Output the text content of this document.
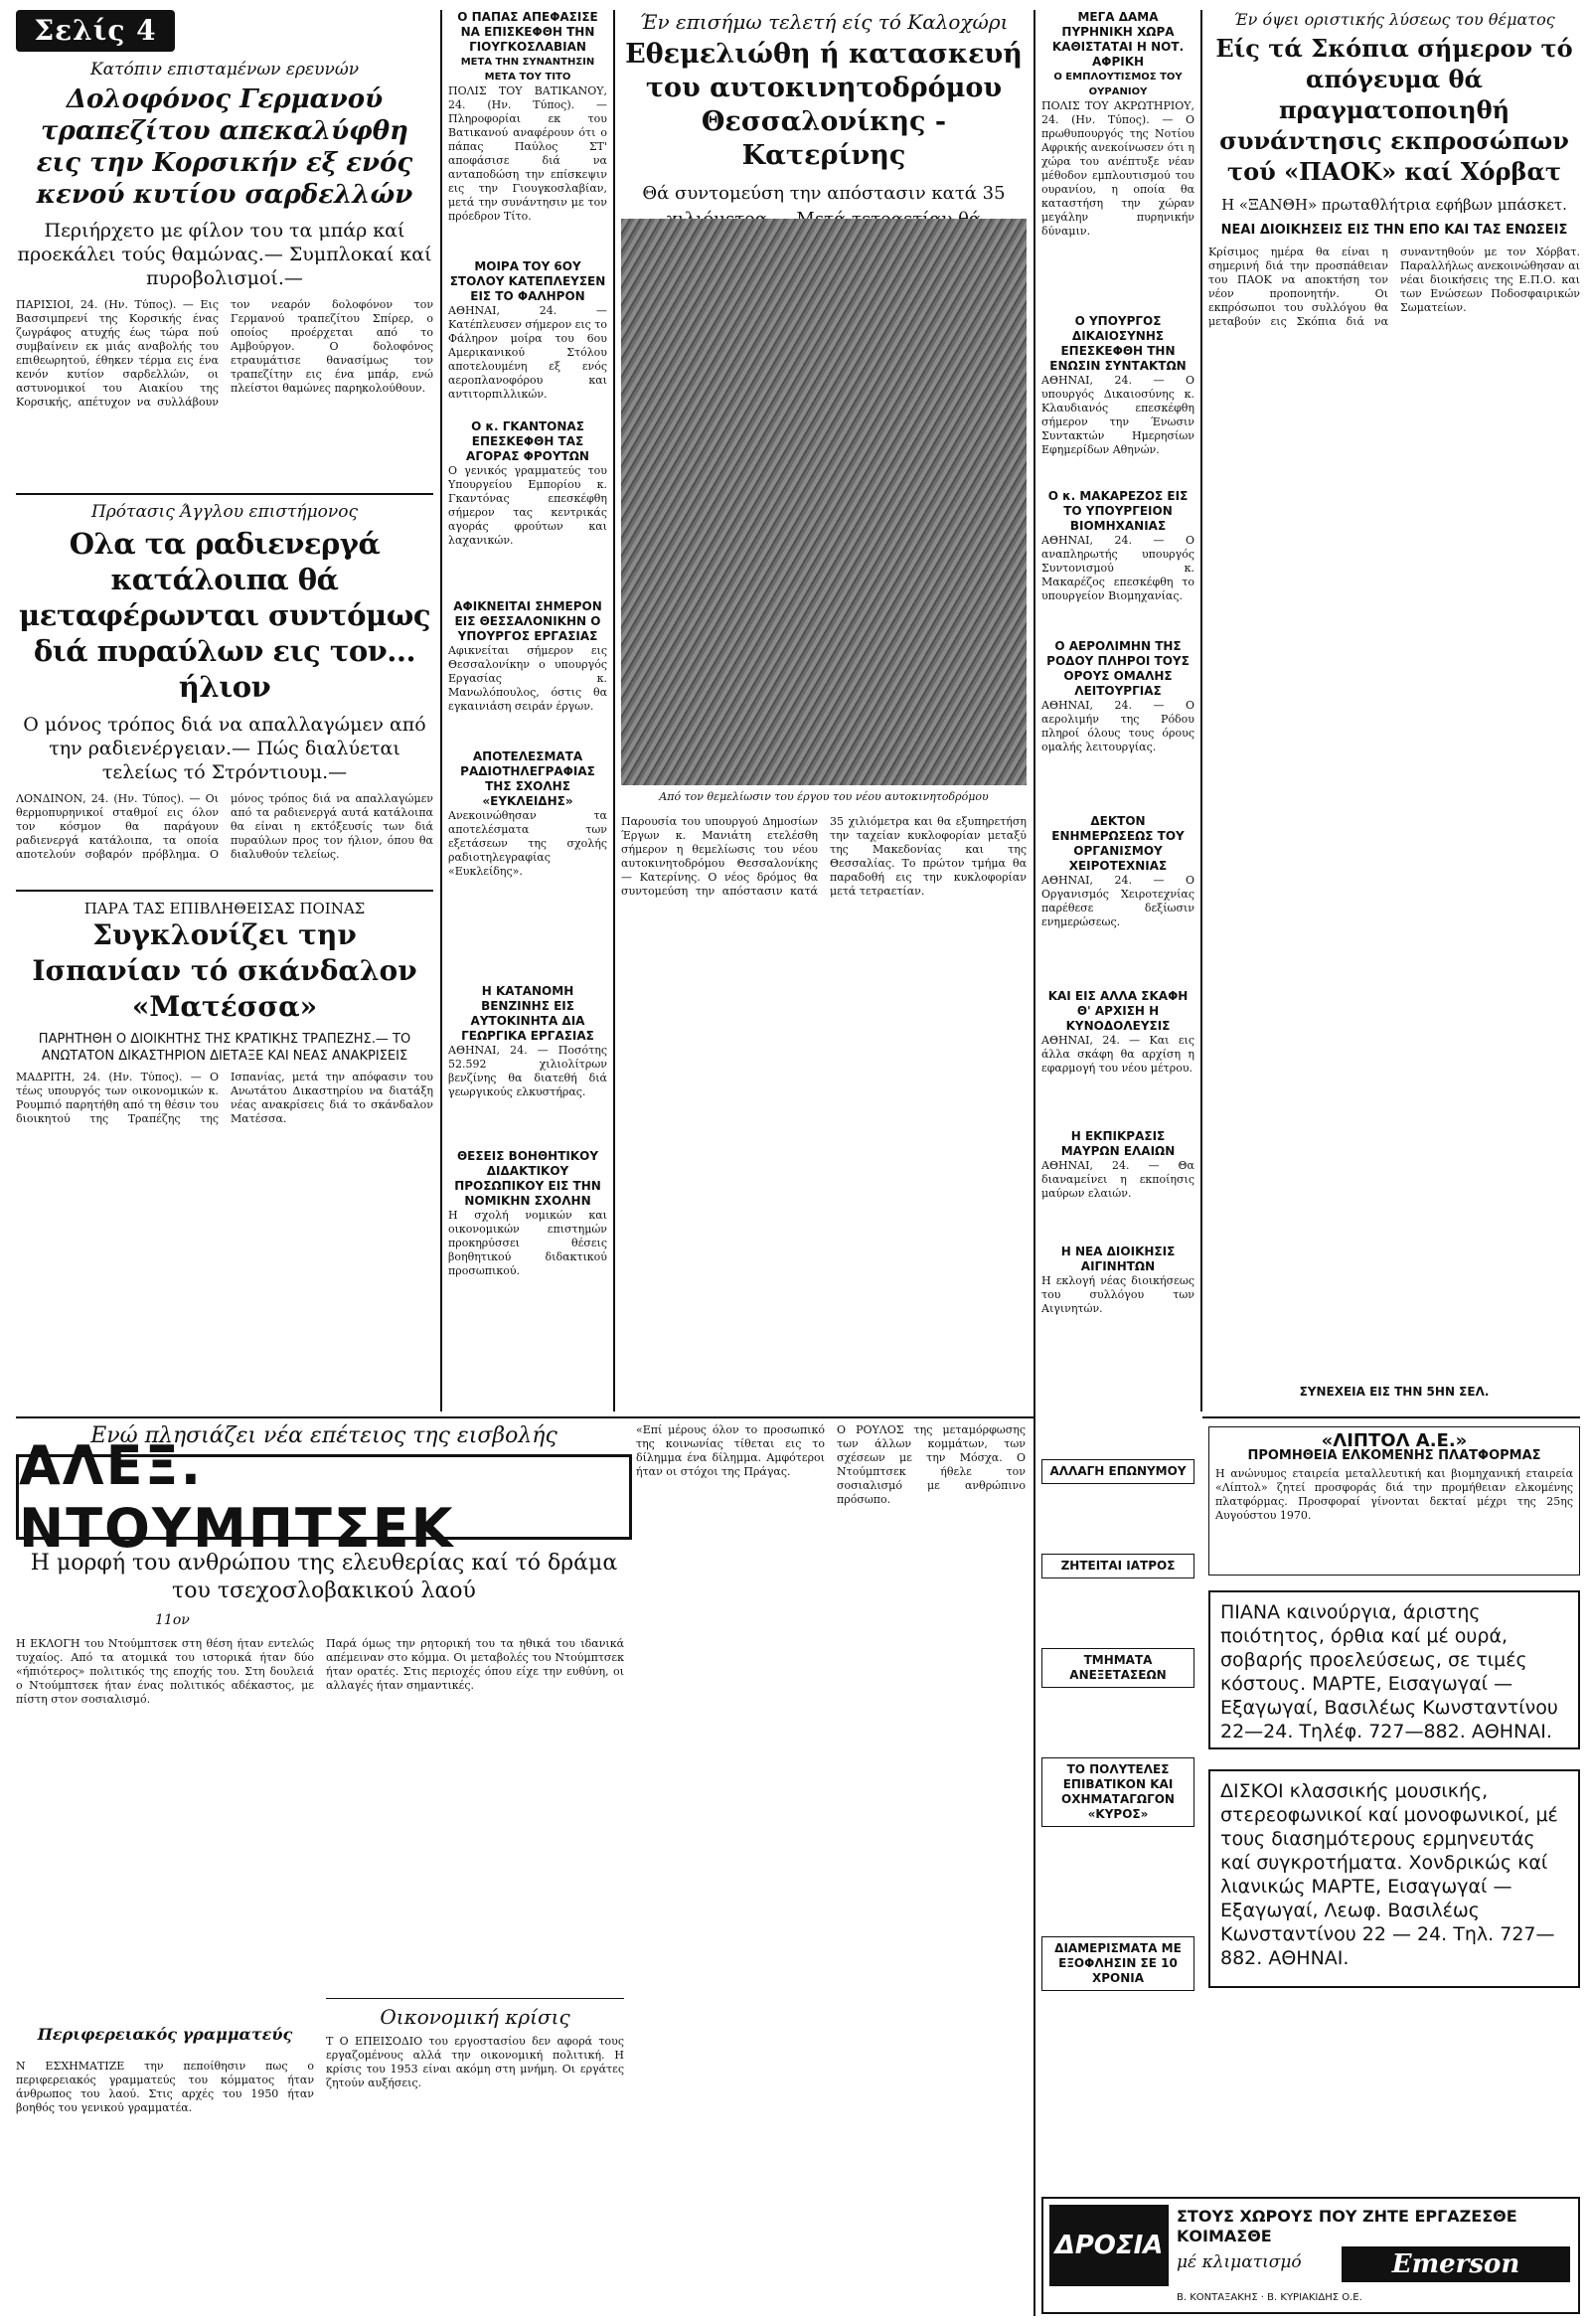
Σελίς 4
Κατόπιν επισταμένων ερευνών
Δολοφόνος Γερμανού τραπεζίτου απεκαλύφθη εις την Κορσικήν εξ ενός κενού κυτίου σαρδελλών
Περιήρχετο με φίλον του τα μπάρ καί προεκάλει τούς θαμώνας.— Συμπλοκαί καί πυροβολισμοί.—
ΠΑΡΙΣΙΟΙ, 24. (Ην. Τύπος). — Εις Βασσιμπρενί της Κορσικής ένας ζωγράφος ατυχής έως τώρα πού συμβαίνειν εκ μιάς αναβολής του επιθεωρητού, έθηκεν τέρμα εις ένα κενόν κυτίον σαρδελλών, οι αστυνομικοί του Αιακίου της Κορσικής, απέτυχον να συλλάβουν τον νεαρόν δολοφόνον τον Γερμανού τραπεζίτου Σπίρερ, ο οποίος προέρχεται από το Αμβούργον. Ο δολοφόνος ετραυμάτισε θανασίμως τον τραπεζίτην εις ένα μπάρ, ενώ πλείστοι θαμώνες παρηκολούθουν.
Πρότασις Άγγλου επιστήμονος
Ολα τα ραδιενεργά κατάλοιπα θά μεταφέρωνται συντόμως διά πυραύλων εις τον... ήλιον
Ο μόνος τρόπος διά να απαλλαγώμεν από την ραδιενέργειαν.— Πώς διαλύεται τελείως τό Στρόντιουμ.—
ΛΟΝΔΙΝΟΝ, 24. (Ην. Τύπος). — Οι θερμοπυρηνικοί σταθμοί εις όλον τον κόσμον θα παράγουν ραδιενεργά κατάλοιπα, τα οποία αποτελούν σοβαρόν πρόβλημα. Ο μόνος τρόπος διά να απαλλαγώμεν από τα ραδιενεργά αυτά κατάλοιπα θα είναι η εκτόξευσίς των διά πυραύλων προς τον ήλιον, όπου θα διαλυθούν τελείως.
ΠΑΡΑ ΤΑΣ ΕΠΙΒΛΗΘΕΙΣΑΣ ΠΟΙΝΑΣ
Συγκλονίζει την Ισπανίαν τό σκάνδαλον «Ματέσσα»
ΠΑΡΗΤΗΘΗ Ο ΔΙΟΙΚΗΤΗΣ ΤΗΣ ΚΡΑΤΙΚΗΣ ΤΡΑΠΕΖΗΣ.— ΤΟ ΑΝΩΤΑΤΟΝ ΔΙΚΑΣΤΗΡΙΟΝ ΔΙΕΤΑΞΕ ΚΑΙ ΝΕΑΣ ΑΝΑΚΡΙΣΕΙΣ
ΜΑΔΡΙΤΗ, 24. (Ην. Τύπος). — Ο τέως υπουργός των οικονομικών κ. Ρουμπιό παρητήθη από τη θέσιν του διοικητού της Τραπέζης της Ισπανίας, μετά την απόφασιν του Ανωτάτου Δικαστηρίου να διατάξη νέας ανακρίσεις διά το σκάνδαλον Ματέσσα.
Ο ΠΑΠΑΣ ΑΠΕΦΑΣΙΣΕ ΝΑ ΕΠΙΣΚΕΦΘΗ ΤΗΝ ΓΙΟΥΓΚΟΣΛΑΒΙΑΝ
ΜΕΤΑ ΤΗΝ ΣΥΝΑΝΤΗΣΙΝ ΜΕΤΑ ΤΟΥ ΤΙΤΟ

ΠΟΛΙΣ ΤΟΥ ΒΑΤΙΚΑΝΟΥ, 24. (Ην. Τύπος). — Πληροφορίαι εκ του Βατικανού αναφέρουν ότι ο πάπας Παύλος ΣΤ' αποφάσισε διά να ανταποδώση την επίσκεψιν εις την Γιουγκοσλαβίαν, μετά την συνάντησιν με τον πρόεδρον Τίτο.

ΜΟΙΡΑ ΤΟΥ 6ΟΥ ΣΤΟΛΟΥ ΚΑΤΕΠΛΕΥΣΕΝ ΕΙΣ ΤΟ ΦΑΛΗΡΟΝ

ΑΘΗΝΑΙ, 24. — Κατέπλευσεν σήμερον εις το Φάληρον μοίρα του 6ου Αμερικανικού Στόλου αποτελουμένη εξ ενός αεροπλανοφόρου και αντιτορπιλλικών.

Ο κ. ΓΚΑΝΤΟΝΑΣ ΕΠΕΣΚΕΦΘΗ ΤΑΣ ΑΓΟΡΑΣ ΦΡΟΥΤΩΝ

Ο γενικός γραμματεύς του Υπουργείου Εμπορίου κ. Γκαντόνας επεσκέφθη σήμερον τας κεντρικάς αγοράς φρούτων και λαχανικών.

ΑΦΙΚΝΕΙΤΑΙ ΣΗΜΕΡΟΝ ΕΙΣ ΘΕΣΣΑΛΟΝΙΚΗΝ Ο ΥΠΟΥΡΓΟΣ ΕΡΓΑΣΙΑΣ

Αφικνείται σήμερον εις Θεσσαλονίκην ο υπουργός Εργασίας κ. Μανωλόπουλος, όστις θα εγκαινιάση σειράν έργων.

ΑΠΟΤΕΛΕΣΜΑΤΑ ΡΑΔΙΟΤΗΛΕΓΡΑΦΙΑΣ ΤΗΣ ΣΧΟΛΗΣ «ΕΥΚΛΕΙΔΗΣ»

Ανεκοινώθησαν τα αποτελέσματα των εξετάσεων της σχολής ραδιοτηλεγραφίας «Ευκλείδης».

Η ΚΑΤΑΝΟΜΗ ΒΕΝΖΙΝΗΣ ΕΙΣ ΑΥΤΟΚΙΝΗΤΑ ΔΙΑ ΓΕΩΡΓΙΚΑ ΕΡΓΑΣΙΑΣ

ΑΘΗΝΑΙ, 24. — Ποσότης 52.592 χιλιολίτρων βενζίνης θα διατεθή διά γεωργικούς ελκυστήρας.

ΘΕΣΕΙΣ ΒΟΗΘΗΤΙΚΟΥ ΔΙΔΑΚΤΙΚΟΥ ΠΡΟΣΩΠΙΚΟΥ ΕΙΣ ΤΗΝ ΝΟΜΙΚΗΝ ΣΧΟΛΗΝ

Η σχολή νομικών και οικονομικών επιστημών προκηρύσσει θέσεις βοηθητικού διδακτικού προσωπικού.

Έν επισήμω τελετή είς τό Καλοχώρι
Εθεμελιώθη ή κατασκευή του αυτοκινητοδρόμου Θεσσαλονίκης - Κατερίνης
Θά συντομεύση την απόστασιν κατά 35
Από τον θεμελίωσιν του έργου του νέου αυτοκινητοδρόμου
Παρουσία του υπουργού Δημοσίων Έργων κ. Μανιάτη ετελέσθη σήμερον η θεμελίωσις του νέου αυτοκινητοδρόμου Θεσσαλονίκης — Κατερίνης. Ο νέος δρόμος θα συντομεύση την απόστασιν κατά 35 χιλιόμετρα και θα εξυπηρετήση την ταχείαν κυκλοφορίαν μεταξύ της Μακεδονίας και της Θεσσαλίας. Το πρώτον τμήμα θα παραδοθή εις την κυκλοφορίαν μετά τετραετίαν.
ΜΕΓΑ ΔΑΜΑ ΠΥΡΗΝΙΚΗ ΧΩΡΑ ΚΑΘΙΣΤΑΤΑΙ Η ΝΟΤ. ΑΦΡΙΚΗ
Ο ΕΜΠΛΟΥΤΙΣΜΟΣ ΤΟΥ ΟΥΡΑΝΙΟΥ

ΠΟΛΙΣ ΤΟΥ ΑΚΡΩΤΗΡΙΟΥ, 24. (Ην. Τύπος). — Ο πρωθυπουργός της Νοτίου Αφρικής ανεκοίνωσεν ότι η χώρα του ανέπτυξε νέαν μέθοδον εμπλουτισμού του ουρανίου, η οποία θα καταστήση την χώραν μεγάλην πυρηνικήν δύναμιν.

Ο ΥΠΟΥΡΓΟΣ ΔΙΚΑΙΟΣΥΝΗΣ ΕΠΕΣΚΕΦΘΗ ΤΗΝ ΕΝΩΣΙΝ ΣΥΝΤΑΚΤΩΝ

ΑΘΗΝΑΙ, 24. — Ο υπουργός Δικαιοσύνης κ. Κλαυδιανός επεσκέφθη σήμερον την Ένωσιν Συντακτών Ημερησίων Εφημερίδων Αθηνών.

Ο κ. ΜΑΚΑΡΕΖΟΣ ΕΙΣ ΤΟ ΥΠΟΥΡΓΕΙΟΝ ΒΙΟΜΗΧΑΝΙΑΣ

ΑΘΗΝΑΙ, 24. — Ο αναπληρωτής υπουργός Συντονισμού κ. Μακαρέζος επεσκέφθη το υπουργείον Βιομηχανίας.

Ο ΑΕΡΟΛΙΜΗΝ ΤΗΣ ΡΟΔΟΥ ΠΛΗΡΟΙ ΤΟΥΣ ΟΡΟΥΣ ΟΜΑΛΗΣ ΛΕΙΤΟΥΡΓΙΑΣ

ΑΘΗΝΑΙ, 24. — Ο αερολιμήν της Ρόδου πληροί όλους τους όρους ομαλής λειτουργίας.

ΔΕΚΤΟΝ ΕΝΗΜΕΡΩΣΕΩΣ ΤΟΥ ΟΡΓΑΝΙΣΜΟΥ ΧΕΙΡΟΤΕΧΝΙΑΣ

ΑΘΗΝΑΙ, 24. — Ο Οργανισμός Χειροτεχνίας παρέθεσε δεξίωσιν ενημερώσεως.

ΚΑΙ ΕΙΣ ΑΛΛΑ ΣΚΑΦΗ Θ' ΑΡΧΙΣΗ Η ΚΥΝΟΔΟΛΕΥΣΙΣ

ΑΘΗΝΑΙ, 24. — Και εις άλλα σκάφη θα αρχίση η εφαρμογή του νέου μέτρου.

Η ΕΚΠΙΚΡΑΣΙΣ ΜΑΥΡΩΝ ΕΛΑΙΩΝ

ΑΘΗΝΑΙ, 24. — Θα διαναμείνει η εκποίησις μαύρων ελαιών.

Η ΝΕΑ ΔΙΟΙΚΗΣΙΣ ΑΙΓΙΝΗΤΩΝ

Η εκλογή νέας διοικήσεως του συλλόγου των Αιγινητών.

ΑΛΛΑΓΗ ΕΠΩΝΥΜΟΥ
ΖΗΤΕΙΤΑΙ ΙΑΤΡΟΣ
ΤΜΗΜΑΤΑ ΑΝΕΞΕΤΑΣΕΩΝ
ΤΟ ΠΟΛΥΤΕΛΕΣ ΕΠΙΒΑΤΙΚΟΝ ΚΑΙ ΟΧΗΜΑΤΑΓΩΓΟΝ «ΚΥΡΟΣ»
ΔΙΑΜΕΡΙΣΜΑΤΑ ΜΕ ΕΞΟΦΛΗΣΙΝ ΣΕ 10 ΧΡΟΝΙΑ
Έν όψει οριστικής λύσεως του θέματος
Είς τά Σκόπια σήμερον τό απόγευμα θά πραγματοποιηθή συνάντησις εκπροσώπων τού «ΠΑΟΚ» καί Χόρβατ
Η «ΞΑΝΘΗ» πρωταθλήτρια εφήβων μπάσκετ.
ΝΕΑΙ ΔΙΟΙΚΗΣΕΙΣ ΕΙΣ ΤΗΝ ΕΠΟ ΚΑΙ ΤΑΣ ΕΝΩΣΕΙΣ
Κρίσιμος ημέρα θα είναι η σημερινή διά την προσπάθειαν του ΠΑΟΚ να αποκτήση τον νέον προπονητήν. Οι εκπρόσωποι του συλλόγου θα μεταβούν εις Σκόπια διά να συναντηθούν με τον Χόρβατ. Παραλλήλως ανεκοινώθησαν αι νέαι διοικήσεις της Ε.Π.Ο. και των Ενώσεων Ποδοσφαιρικών Σωματείων.
ΣΥΝΕΧΕΙΑ ΕΙΣ ΤΗΝ 5ΗΝ ΣΕΛ.
Ενώ πλησιάζει νέα επέτειος της εισβολής
ΑΛΕΞ. ΝΤΟΥΜΠΤΣΕΚ
Η μορφή του ανθρώπου της ελευθερίας καί τό δράμα του τσεχοσλοβακικού λαού
11ον
Η ΕΚΛΟΓΗ του Ντούμπτσεκ στη θέση ήταν εντελώς τυχαίος. Από τα ατομικά του ιστορικά ήταν δύο «ήπιότερος» πολιτικός της εποχής του. Στη δουλειά ο Ντούμπτσεκ ήταν ένας πολιτικός αδέκαστος, με πίστη στον σοσιαλισμό.
Περιφερειακός γραμματεύς
Ν ΕΣΧΗΜΑΤΙΖΕ την πεποίθησιν πως ο περιφερειακός γραμματεύς του κόμματος ήταν άνθρωπος του λαού. Στις αρχές του 1950 ήταν βοηθός του γενικού γραμματέα.
Παρά όμως την ρητορική του τα ηθικά του ιδανικά απέμειναν στο κόμμα. Οι μεταβολές του Ντούμπτσεκ ήταν ορατές. Στις περιοχές όπου είχε την ευθύνη, οι αλλαγές ήταν σημαντικές.
«Επί μέρους όλον το προσωπικό της κοινωνίας τίθεται εις το δίλημμα ένα δίλημμα. Αμφότεροι ήταν οι στόχοι της Πράγας.
Ο ΡΟΥΛΟΣ της μεταμόρφωσης των άλλων κομμάτων, των σχέσεων με την Μόσχα. Ο Ντούμπτσεκ ήθελε τον σοσιαλισμό με ανθρώπινο πρόσωπο.
Οικονομική κρίσις
Τ Ο ΕΠΕΙΣΟΔΙΟ του εργοστασίου δεν αφορά τους εργαζομένους αλλά την οικονομική πολιτική. Η κρίσις του 1953 είναι ακόμη στη μνήμη. Οι εργάτες ζητούν αυξήσεις.
«ΛΙΠΤΟΛ Α.Ε.»
ΠΡΟΜΗΘΕΙΑ ΕΛΚΟΜΕΝΗΣ ΠΛΑΤΦΟΡΜΑΣ
Η ανώνυμος εταιρεία μεταλλευτική και βιομηχανική εταιρεία «Λίπτολ» ζητεί προσφοράς διά την προμήθειαν ελκομένης πλατφόρμας. Προσφοραί γίνονται δεκταί μέχρι της 25ης Αυγούστου 1970.
ΠΙΑΝΑ καινούργια, άριστης ποιότητος, όρθια καί μέ ουρά, σοβαρής προελεύσεως, σε τιμές κόστους. ΜΑΡΤΕ, Εισαγωγαί — Εξαγωγαί, Βασιλέως Κωνσταντίνου 22—24. Τηλέφ. 727—882. ΑΘΗΝΑΙ.
ΔΙΣΚΟΙ κλασσικής μουσικής, στερεοφωνικοί καί μονοφωνικοί, μέ τους διασημότερους ερμηνευτάς καί συγκροτήματα. Χονδρικώς καί λιανικώς ΜΑΡΤΕ, Εισαγωγαί — Εξαγωγαί, Λεωφ. Βασιλέως Κωνσταντίνου 22 — 24. Τηλ. 727—882. ΑΘΗΝΑΙ.
ΔΡΟΣΙΑ
ΣΤΟΥΣ ΧΩΡΟΥΣ ΠΟΥ ΖΗΤΕ ΕΡΓΑΖΕΣΘΕ ΚΟΙΜΑΣΘΕ
μέ κλιματισμό	Emerson
Β. ΚΟΝΤΑΞΑΚΗΣ · Β. ΚΥΡΙΑΚΙΔΗΣ Ο.Ε.
